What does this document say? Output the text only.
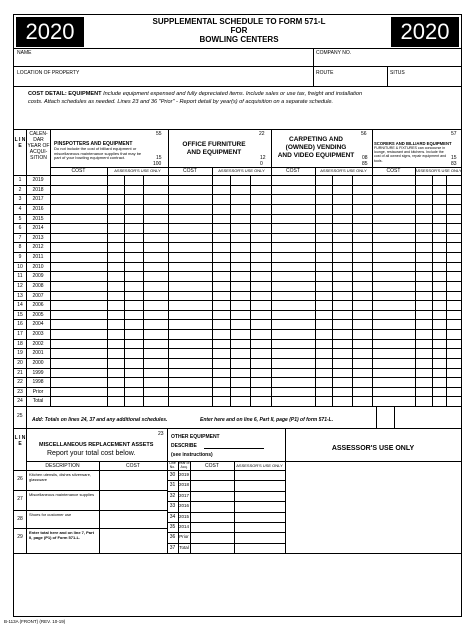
2020	2020
SUPPLEMENTAL SCHEDULE TO FORM 571-L
FOR
BOWLING CENTERS
NAME	COMPANY NO.
LOCATION OF PROPERTY	ROUTE	SITUS
COST DETAIL: EQUIPMENT Include equipment expensed and fully depreciated items. Include sales or use tax, freight and installation
costs. Attach schedules as needed. Lines 23 and 36 "Prior" - Report detail by year(s) of acquisition on a separate schedule.
L I N E
CALEN- DAR YEAR OF ACQUI- SITION
55
PINSPOTTERS AND EQUIPMENT
Do not include the cost of billiard equipment or miscellaneous maintenance supplies that may be part of your bowling equipment contract.	15
100
22
OFFICE FURNITURE
AND EQUIPMENT
12
0
56
CARPETING AND
(OWNED) VENDING
AND VIDEO EQUIPMENT	08
85
57
SCORERS AND BILLIARD EQUIPMENT
FURNITURE & FIXTURES can concourse in lounge, restaurant and kitchens. Include the cost of all owned signs, repair equipment and tools.	15
83
COST	ASSESSOR'S USE ONLY	COST	ASSESSOR'S USE ONLY	COST	ASSESSOR'S USE ONLY	COST	ASSESSOR'S USE ONLY
1	2019
2	2018
3	2017
4	2016
5	2015
6	2014
7	2013
8	2012
9	2011
10	2010
11	2009
12	2008
13	2007
14	2006
15	2005
16	2004
17	2003
18	2002
19	2001
20	2000
21	1999
22	1998
23	Prior
24	Total
25
Add: Totals on lines 24, 37 and any additional schedules.	Enter here and on line 6, Part II, page (P1) of form 571-L.
L I N E	MISCELLANEOUS REPLACEMENT ASSETS
Report your total cost below.
23 OTHER EQUIPMENT
DESCRIBE
(see instructions)
ASSESSOR'S USE ONLY
DESCRIPTION	COST	Line No.
Year of Acq.	COST	ASSESSOR'S USE ONLY
26
Kitchen utensils, dishes silverware, glassware
27
Miscellaneous maintenance supplies
28
Shoes for customer use
29
Enter total here and on line 7, Part II, page (P1) of Form 571-L.
30 2019
31 2018
32 2017
33 2016
34 2015
35 2014
36 Prior
37 Total
B-113A (FRONT) (REV. 10-19)
